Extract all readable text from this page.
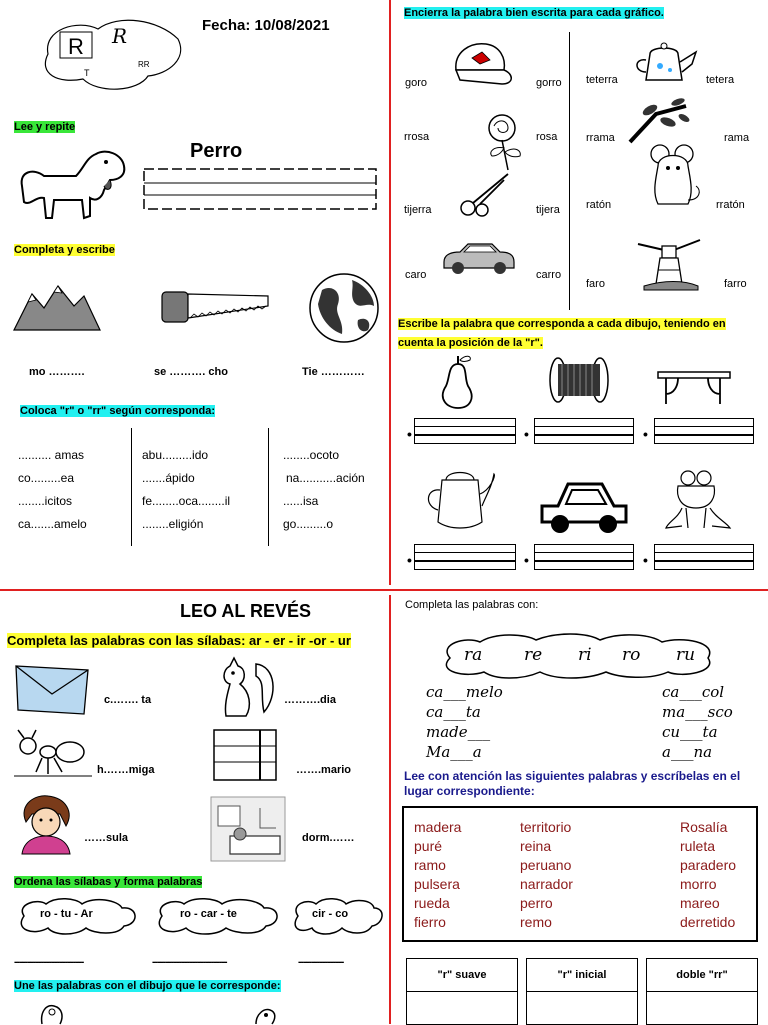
R R
T
RR
Fecha: 10/08/2021
Lee y repite
Perro
Completa y escribe
mo ……….	se ………. cho	Tie …………
Coloca "r" o "rr" según corresponda:
.......... amas
co.........ea
........icitos
ca.......amelo
abu.........ido
.......ápido
fe........oca........il
........eligión
........ocoto
na...........ación
......isa
go.........o
Encierra la palabra bien escrita para cada gráfico.
goro	gorro
rrosa	rosa
tijerra	tijera
caro	carro
teterra	tetera
rrama	rama
ratón	rratón
faro	farro
Escribe la palabra que corresponda a cada dibujo, teniendo en
cuenta la posición de la "r".
•	•	•
•	•	•
LEO AL REVÉS
Completa las palabras con las sílabas: ar - er - ir -or - ur
c.……. ta	……….dia
h.……miga	…….mario
……sula	dorm.……
Ordena las sílabas y forma palabras
ro - tu - Ar	ro - car - te	cir - co
--------------------------	----------------------------	-----------------
Une las palabras con el dibujo que le corresponde:
Completa las palabras con:
ra re ri ro ru
ca___melo
ca___ta
made___
Ma___a
ca___col
ma___sco
cu___ta
a___na
Lee con atención las siguientes palabras y escríbelas en el
lugar correspondiente:
madera
puré
ramo
pulsera
rueda
fierro
territorio
reina
peruano
narrador
perro
remo
Rosalía
ruleta
paradero
morro
mareo
derretido
"r" suave		"r" inicial		doble "rr"
